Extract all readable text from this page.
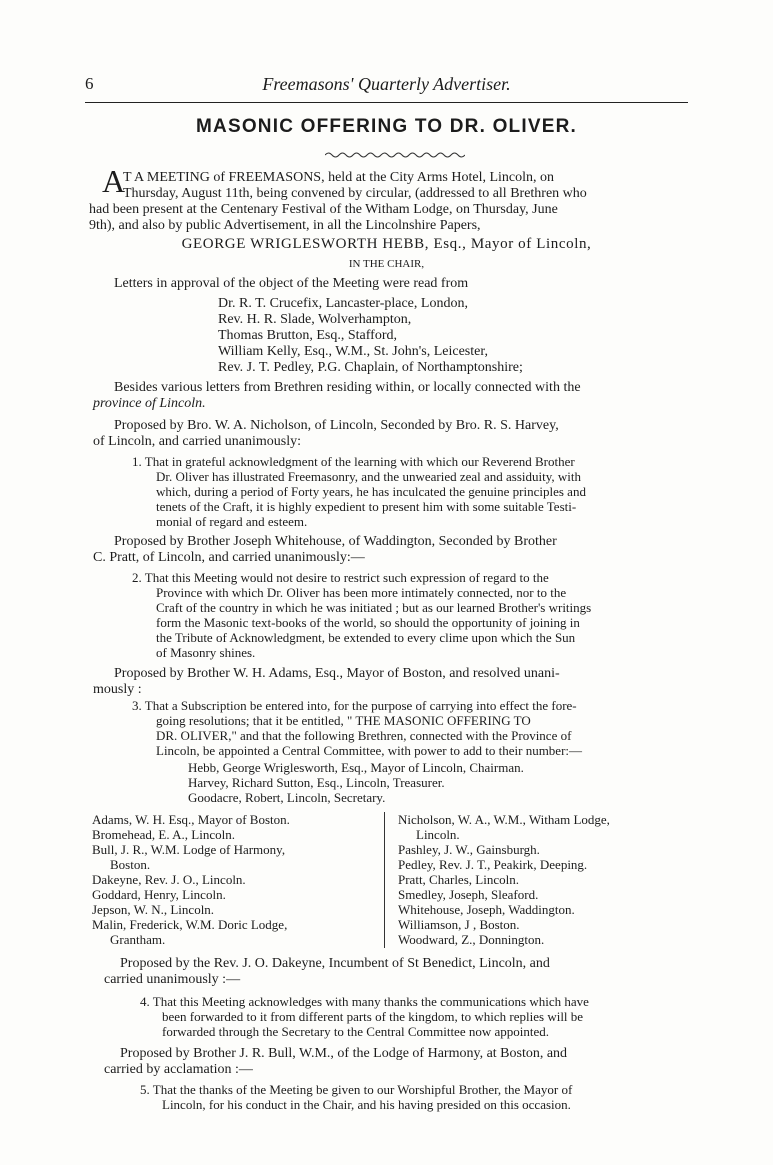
6	Freemasons' Quarterly Advertiser.
MASONIC OFFERING TO DR. OLIVER.
A
T A MEETING of FREEMASONS, held at the City Arms Hotel, Lincoln, on
Thursday, August 11th, being convened by circular, (addressed to all Brethren who
had been present at the Centenary Festival of the Witham Lodge, on Thursday, June
9th), and also by public Advertisement, in all the Lincolnshire Papers,
GEORGE WRIGLESWORTH HEBB, Esq., Mayor of Lincoln,
IN THE CHAIR,
Letters in approval of the object of the Meeting were read from
Dr. R. T. Crucefix, Lancaster-place, London,
Rev. H. R. Slade, Wolverhampton,
Thomas Brutton, Esq., Stafford,
William Kelly, Esq., W.M., St. John's, Leicester,
Rev. J. T. Pedley, P.G. Chaplain, of Northamptonshire;
Besides various letters from Brethren residing within, or locally connected with the
province of Lincoln.
Proposed by Bro. W. A. Nicholson, of Lincoln, Seconded by Bro. R. S. Harvey,
of Lincoln, and carried unanimously:
1. That in grateful acknowledgment of the learning with which our Reverend Brother
Dr. Oliver has illustrated Freemasonry, and the unwearied zeal and assiduity, with
which, during a period of Forty years, he has inculcated the genuine principles and
tenets of the Craft, it is highly expedient to present him with some suitable Testi-
monial of regard and esteem.
Proposed by Brother Joseph Whitehouse, of Waddington, Seconded by Brother
C. Pratt, of Lincoln, and carried unanimously:—
2. That this Meeting would not desire to restrict such expression of regard to the
Province with which Dr. Oliver has been more intimately connected, nor to the
Craft of the country in which he was initiated ; but as our learned Brother's writings
form the Masonic text-books of the world, so should the opportunity of joining in
the Tribute of Acknowledgment, be extended to every clime upon which the Sun
of Masonry shines.
Proposed by Brother W. H. Adams, Esq., Mayor of Boston, and resolved unani-
mously :
3. That a Subscription be entered into, for the purpose of carrying into effect the fore-
going resolutions; that it be entitled, " THE MASONIC OFFERING TO
DR. OLIVER," and that the following Brethren, connected with the Province of
Lincoln, be appointed a Central Committee, with power to add to their number:—
Hebb, George Wriglesworth, Esq., Mayor of Lincoln, Chairman.
Harvey, Richard Sutton, Esq., Lincoln, Treasurer.
Goodacre, Robert, Lincoln, Secretary.
Adams, W. H. Esq., Mayor of Boston.
Bromehead, E. A., Lincoln.
Bull, J. R., W.M. Lodge of Harmony,
Boston.
Dakeyne, Rev. J. O., Lincoln.
Goddard, Henry, Lincoln.
Jepson, W. N., Lincoln.
Malin, Frederick, W.M. Doric Lodge,
Grantham.
Nicholson, W. A., W.M., Witham Lodge,
Lincoln.
Pashley, J. W., Gainsburgh.
Pedley, Rev. J. T., Peakirk, Deeping.
Pratt, Charles, Lincoln.
Smedley, Joseph, Sleaford.
Whitehouse, Joseph, Waddington.
Williamson, J , Boston.
Woodward, Z., Donnington.
Proposed by the Rev. J. O. Dakeyne, Incumbent of St Benedict, Lincoln, and
carried unanimously :—
4. That this Meeting acknowledges with many thanks the communications which have
been forwarded to it from different parts of the kingdom, to which replies will be
forwarded through the Secretary to the Central Committee now appointed.
Proposed by Brother J. R. Bull, W.M., of the Lodge of Harmony, at Boston, and
carried by acclamation :—
5. That the thanks of the Meeting be given to our Worshipful Brother, the Mayor of
Lincoln, for his conduct in the Chair, and his having presided on this occasion.
